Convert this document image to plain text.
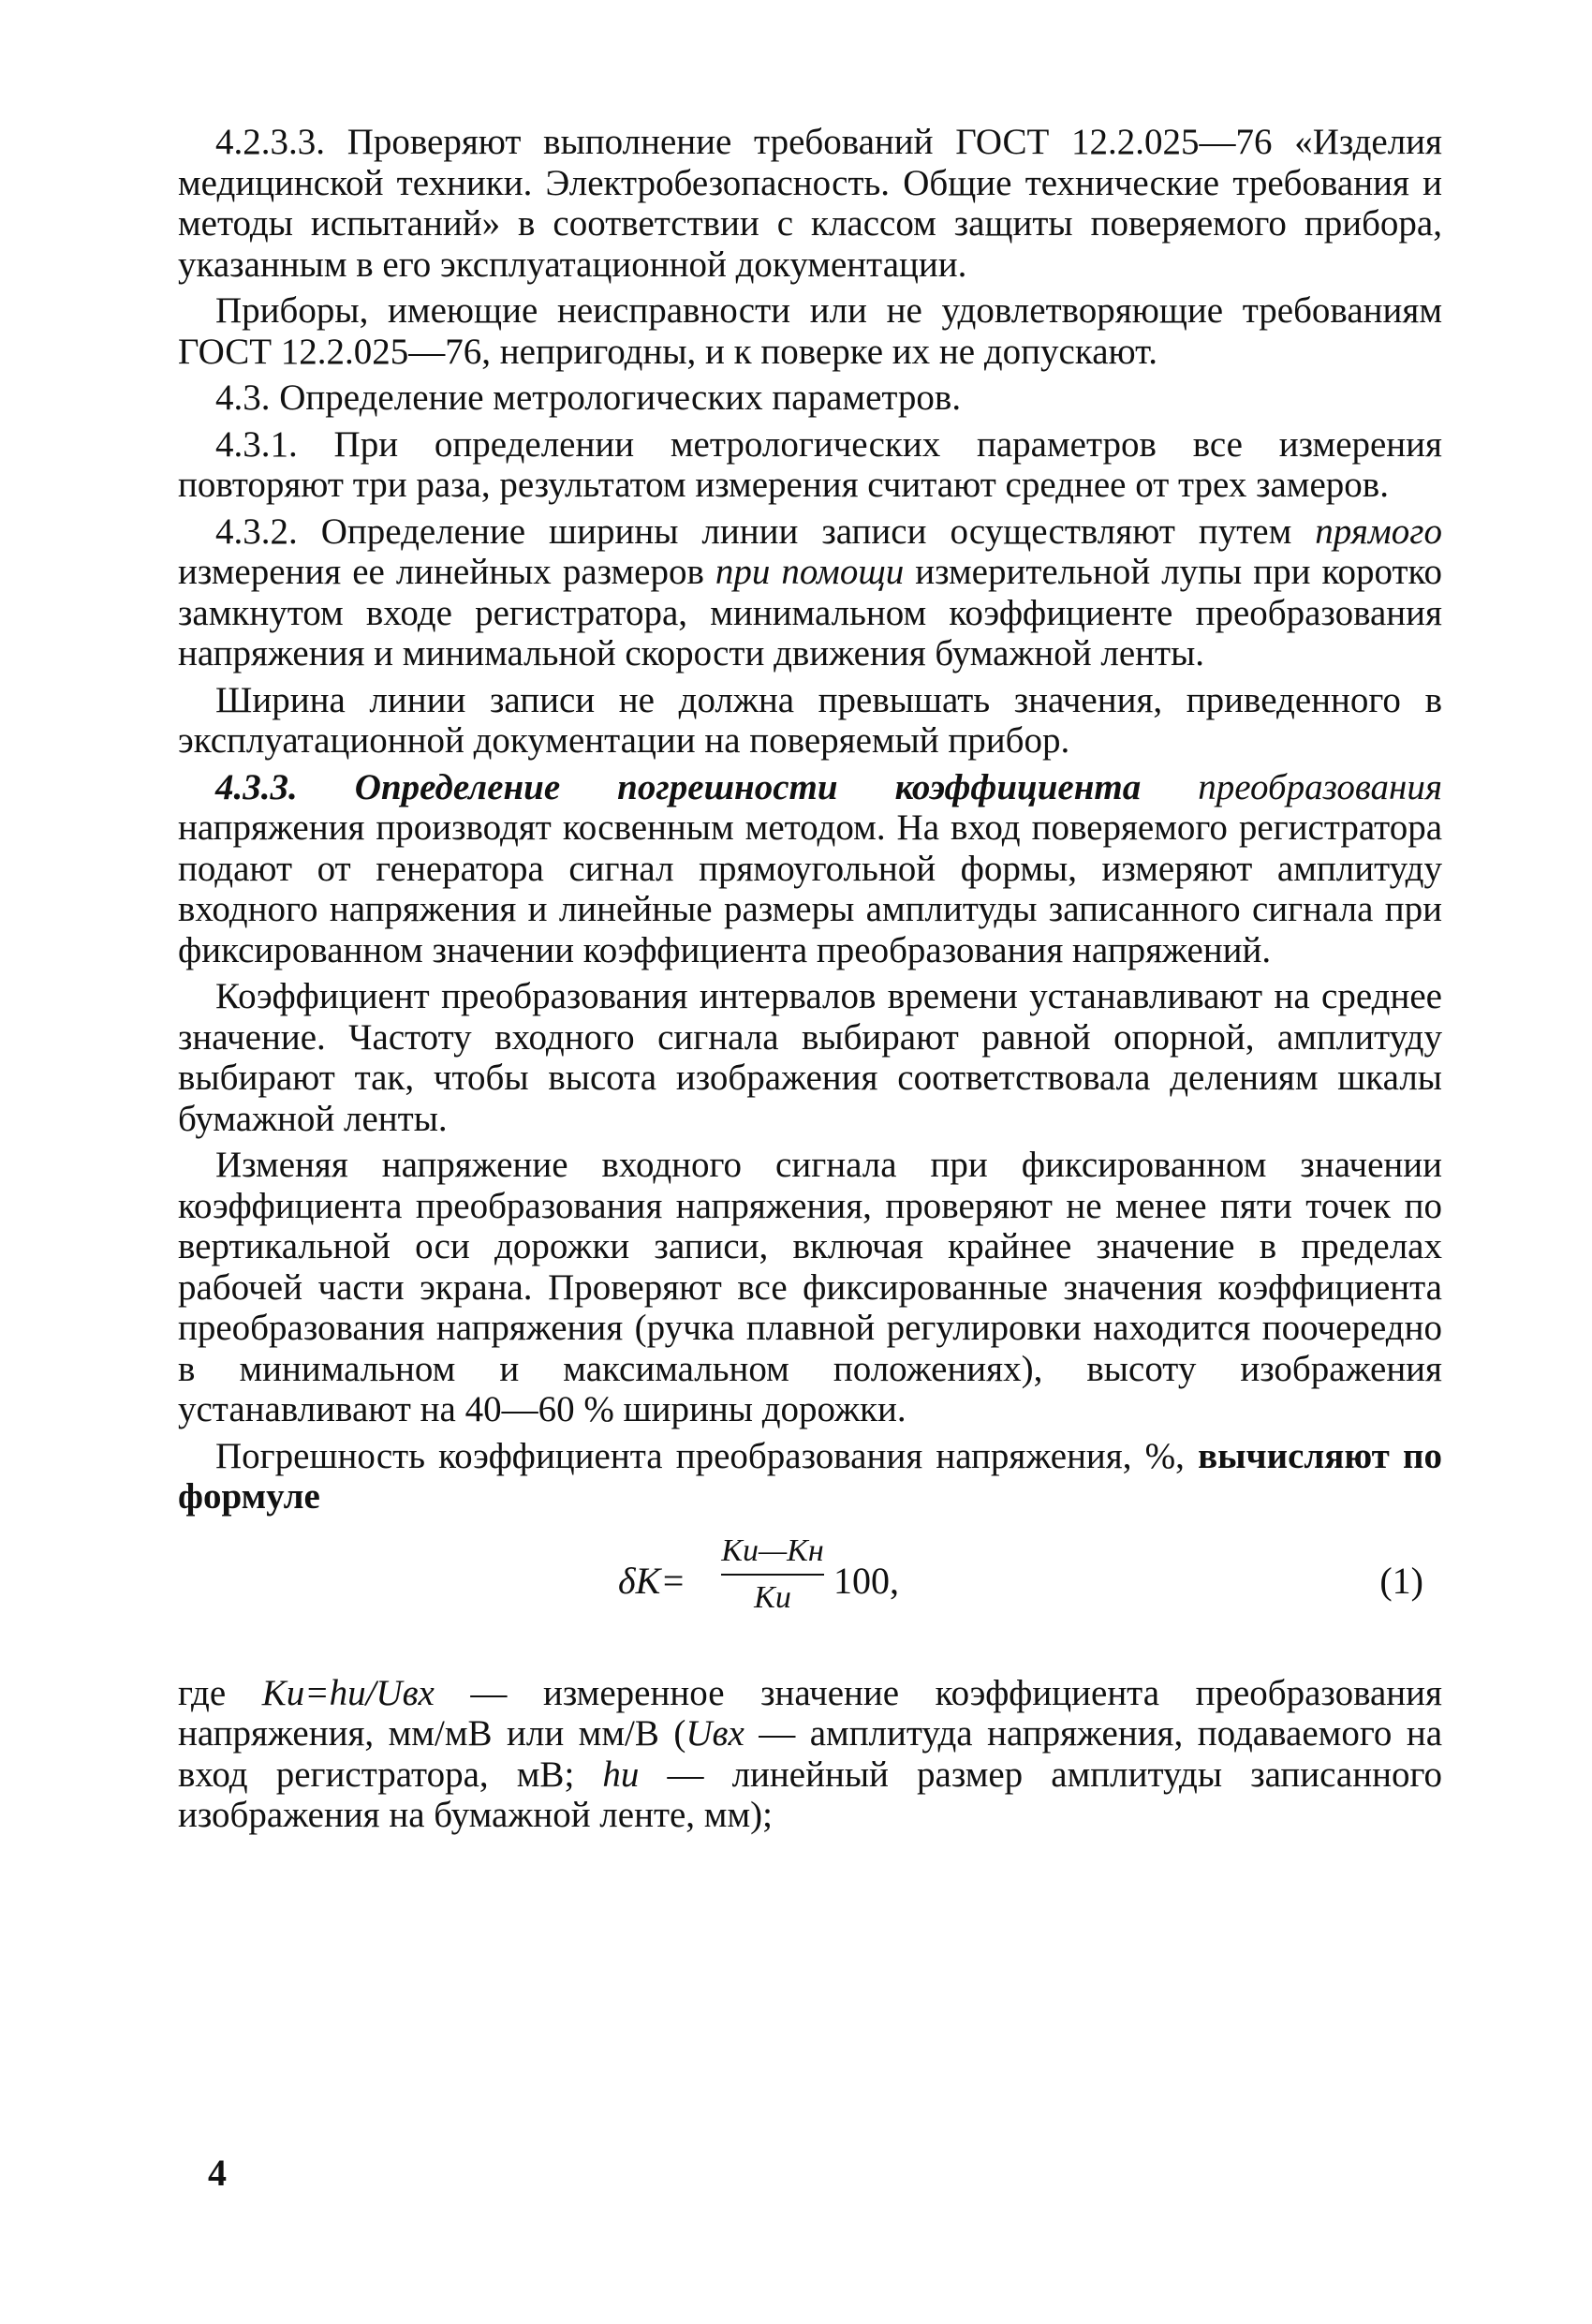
4.2.3.3. Проверяют выполнение требований ГОСТ 12.2.025—76 «Изделия медицинской техники. Электробезопасность. Общие технические требования и методы испытаний» в соответствии с классом защиты поверяемого прибора, указанным в его эксплуатационной документации.

Приборы, имеющие неисправности или не удовлетворяющие требованиям ГОСТ 12.2.025—76, непригодны, и к поверке их не допускают.

4.3. Определение метрологических параметров.

4.3.1. При определении метрологических параметров все измерения повторяют три раза, результатом измерения считают среднее от трех замеров.

4.3.2. Определение ширины линии записи осуществляют путем прямого измерения ее линейных размеров при помощи измерительной лупы при коротко замкнутом входе регистратора, минимальном коэффициенте преобразования напряжения и минимальной скорости движения бумажной ленты.

Ширина линии записи не должна превышать значения, приведенного в эксплуатационной документации на поверяемый прибор.

4.3.3. Определение погрешности коэффициента преобразования напряжения производят косвенным методом. На вход поверяемого регистратора подают от генератора сигнал прямоугольной формы, измеряют амплитуду входного напряжения и линейные размеры амплитуды записанного сигнала при фиксированном значении коэффициента преобразования напряжений.

Коэффициент преобразования интервалов времени устанавливают на среднее значение. Частоту входного сигнала выбирают равной опорной, амплитуду выбирают так, чтобы высота изображения соответствовала делениям шкалы бумажной ленты.

Изменяя напряжение входного сигнала при фиксированном значении коэффициента преобразования напряжения, проверяют не менее пяти точек по вертикальной оси дорожки записи, включая крайнее значение в пределах рабочей части экрана. Проверяют все фиксированные значения коэффициента преобразования напряжения (ручка плавной регулировки находится поочередно в минимальном и максимальном положениях), высоту изображения устанавливают на 40—60 % ширины дорожки.

Погрешность коэффициента преобразования напряжения, %, вычисляют по формуле

δK=
Kи—Kн
Kи	100,	(1)

где Kи=hи/Uвх — измеренное значение коэффициента преобразования напряжения, мм/мВ или мм/В (Uвх — амплитуда напряжения, подаваемого на вход регистратора, мВ; hи — линейный размер амплитуды записанного изображения на бумажной ленте, мм);

4
